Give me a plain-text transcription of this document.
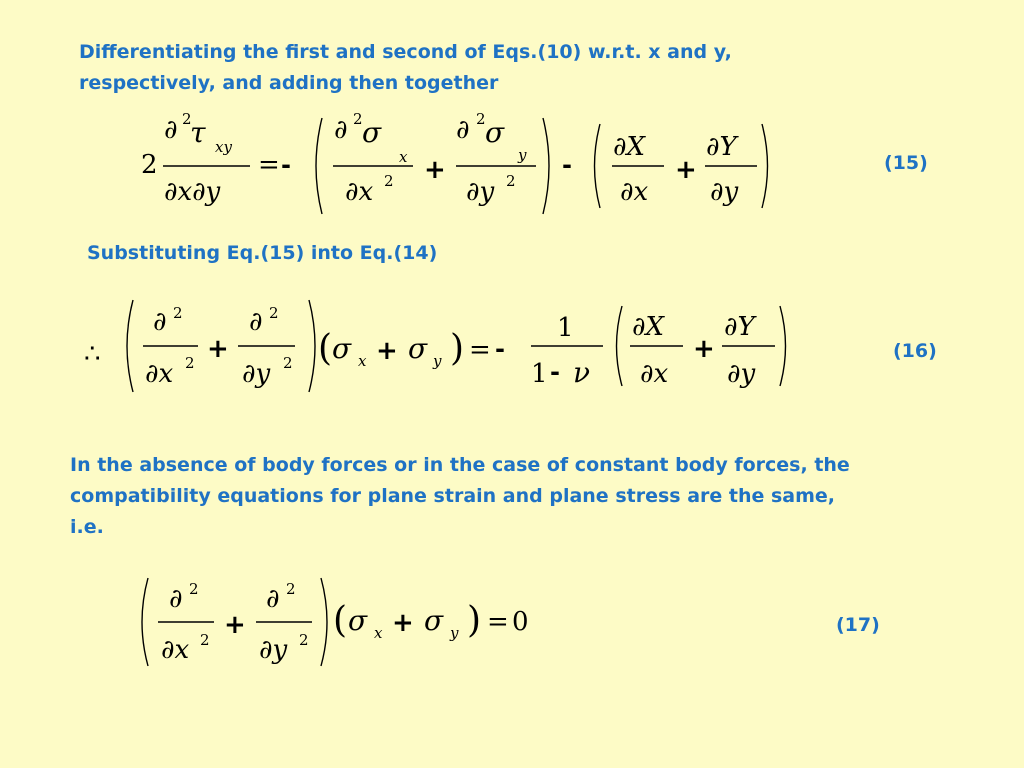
Differentiating the first and second of Eqs.(10) w.r.t. x and y, respectively, and adding then together

2
∂ 2
τ xy
∂x∂y
= -
∂ 2 σ
x
∂x 2 +
∂ 2 σ
y
∂y 2
-
∂X
∂x
+
∂Y
∂y

(15)

Substituting Eq.(15) into Eq.(14)

∴
∂ 2
∂x 2 +
∂ 2
∂y 2 ( σ x + σ y ) = -
1
1 - ν
∂X
∂x
+
∂Y
∂y

(16)

In the absence of body forces or in the case of constant body forces, the compatibility equations for plane strain and plane stress are the same, i.e.

∂ 2
∂x 2 +
∂ 2
∂y 2 ( σ x + σ y ) = 0	(17)
